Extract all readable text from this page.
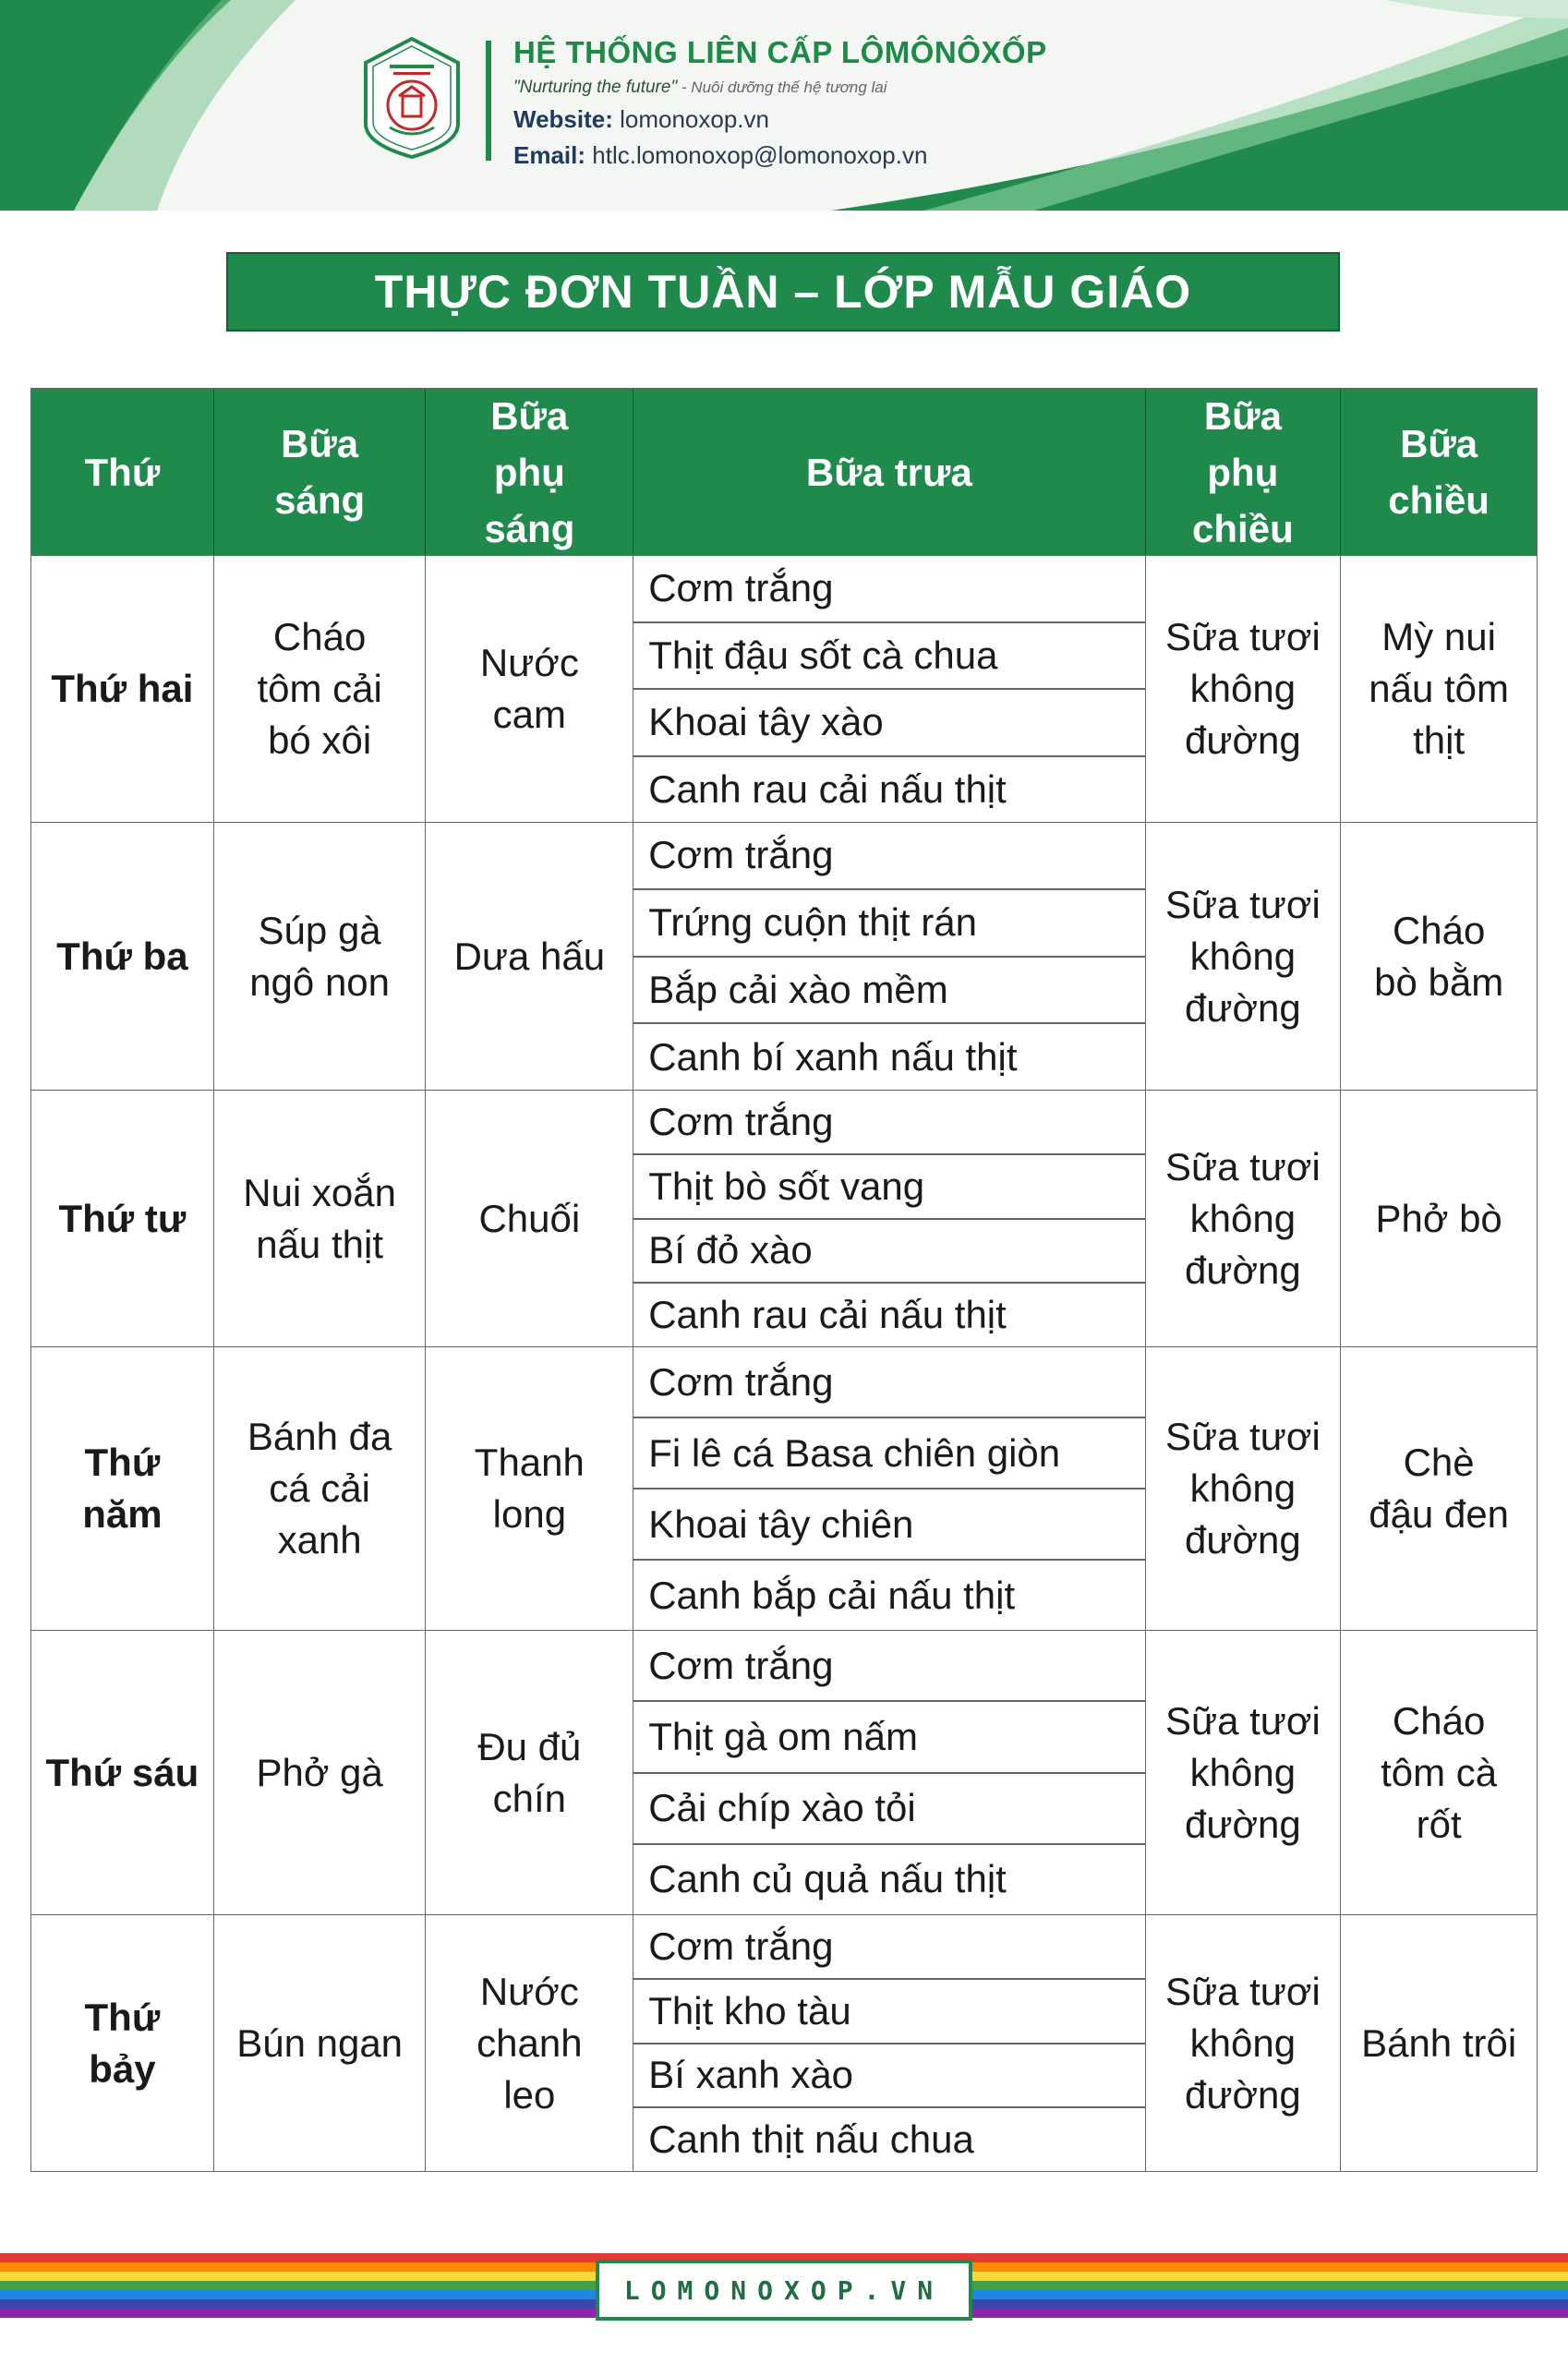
HỆ THỐNG LIÊN CẤP LÔMÔNÔXỐP
"Nurturing the future" - Nuôi dưỡng thế hệ tương lai
Website: lomonoxop.vn
Email: htlc.lomonoxop@lomonoxop.vn
THỰC ĐƠN TUẦN – LỚP MẪU GIÁO
Thứ
Bữa
sáng
Bữa
phụ
sáng
Bữa trưa
Bữa
phụ
chiều
Bữa
chiều
Thứ hai
Cháo
tôm cải
bó xôi
Nước
cam
Cơm trắng
Thịt đậu sốt cà chua
Khoai tây xào
Canh rau cải nấu thịt
Sữa tươi
không
đường
Mỳ nui
nấu tôm
thịt
Thứ ba
Súp gà
ngô non
Dưa hấu
Cơm trắng
Trứng cuộn thịt rán
Bắp cải xào mềm
Canh bí xanh nấu thịt
Sữa tươi
không
đường
Cháo
bò bằm
Thứ tư
Nui xoắn
nấu thịt
Chuối
Cơm trắng
Thịt bò sốt vang
Bí đỏ xào
Canh rau cải nấu thịt
Sữa tươi
không
đường
Phở bò
Thứ
năm
Bánh đa
cá cải
xanh
Thanh
long
Cơm trắng
Fi lê cá Basa chiên giòn
Khoai tây chiên
Canh bắp cải nấu thịt
Sữa tươi
không
đường
Chè
đậu đen
Thứ sáu Phở gà
Đu đủ
chín
Cơm trắng
Thịt gà om nấm
Cải chíp xào tỏi
Canh củ quả nấu thịt
Sữa tươi
không
đường
Cháo
tôm cà
rốt
Thứ
bảy
Bún ngan
Nước
chanh
leo
Cơm trắng
Thịt kho tàu
Bí xanh xào
Canh thịt nấu chua
Sữa tươi
không
đường
Bánh trôi
LOMONOXOP.VN
